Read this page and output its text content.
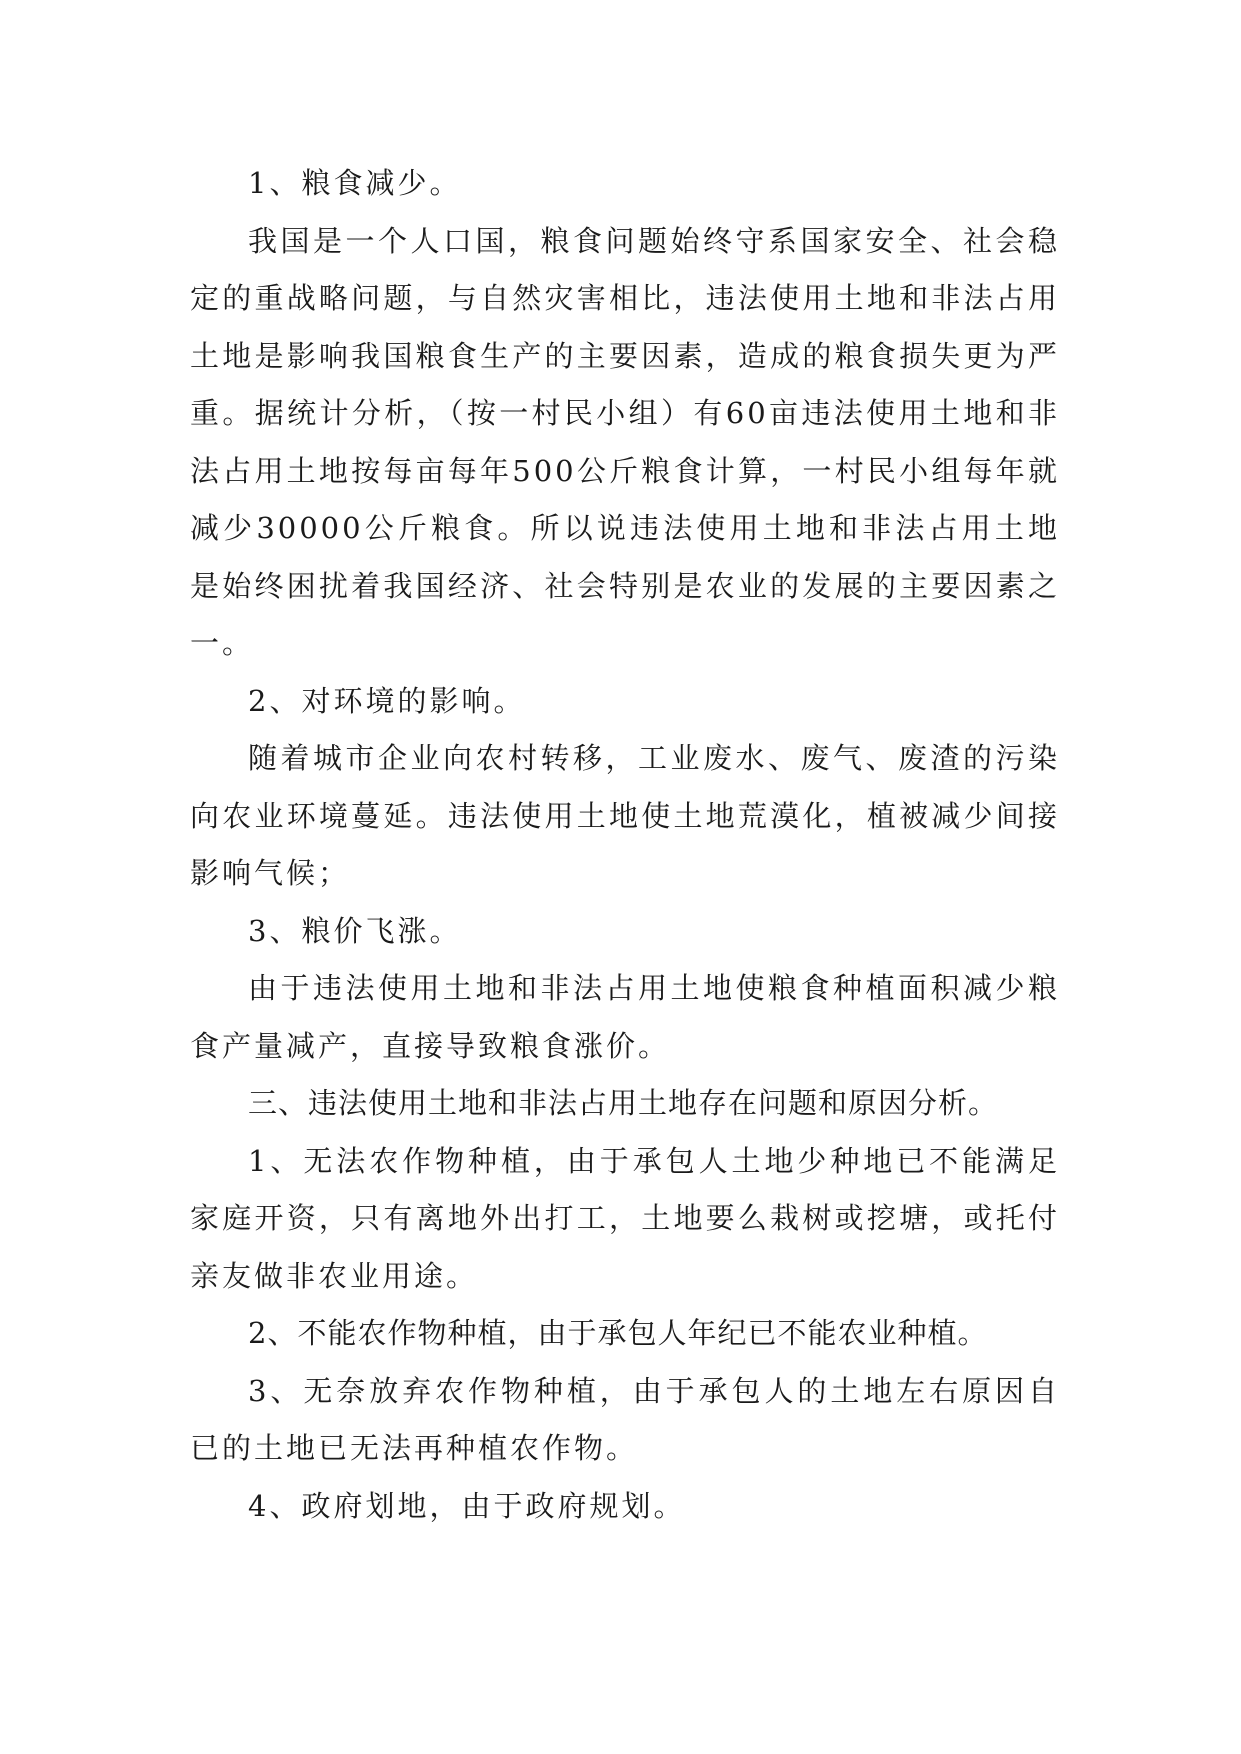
1、粮食减少。

我国是一个人口国，粮食问题始终守系国家安全、社会稳定的重战略问题，与自然灾害相比，违法使用土地和非法占用土地是影响我国粮食生产的主要因素，造成的粮食损失更为严重。据统计分析，（按一村民小组）有60亩违法使用土地和非法占用土地按每亩每年500公斤粮食计算，一村民小组每年就减少30000公斤粮食。所以说违法使用土地和非法占用土地是始终困扰着我国经济、社会特别是农业的发展的主要因素之一。

2、对环境的影响。

随着城市企业向农村转移，工业废水、废气、废渣的污染向农业环境蔓延。违法使用土地使土地荒漠化，植被减少间接影响气候；

3、粮价飞涨。

由于违法使用土地和非法占用土地使粮食种植面积减少粮食产量减产，直接导致粮食涨价。

三、违法使用土地和非法占用土地存在问题和原因分析。

1、无法农作物种植，由于承包人土地少种地已不能满足家庭开资，只有离地外出打工，土地要么栽树或挖塘，或托付亲友做非农业用途。

2、不能农作物种植，由于承包人年纪已不能农业种植。

3、无奈放弃农作物种植，由于承包人的土地左右原因自已的土地已无法再种植农作物。

4、政府划地，由于政府规划。
